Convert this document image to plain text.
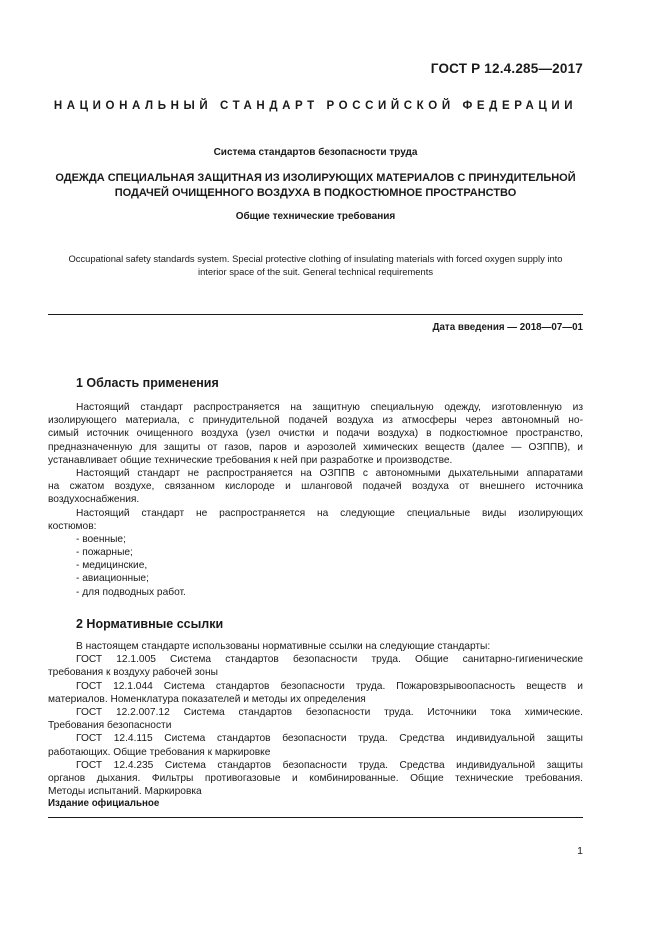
ГОСТ Р 12.4.285—2017
НАЦИОНАЛЬНЫЙ СТАНДАРТ РОССИЙСКОЙ ФЕДЕРАЦИИ
Система стандартов безопасности труда
ОДЕЖДА СПЕЦИАЛЬНАЯ ЗАЩИТНАЯ ИЗ ИЗОЛИРУЮЩИХ МАТЕРИАЛОВ С ПРИНУДИТЕЛЬНОЙ
ПОДАЧЕЙ ОЧИЩЕННОГО ВОЗДУХА В ПОДКОСТЮМНОЕ ПРОСТРАНСТВО
Общие технические требования
Occupational safety standards system. Special protective clothing of insulating materials with forced oxygen supply into
interior space of the suit. General technical requirements
Дата введения — 2018—07—01
1 Область применения
Настоящий стандарт распространяется на защитную специальную одежду, изготовленную из
изолирующего материала, с принудительной подачей воздуха из атмосферы через автономный но-
симый источник очищенного воздуха (узел очистки и подачи воздуха) в подкостюмное пространство,
предназначенную для защиты от газов, паров и аэрозолей химических веществ (далее — ОЗППВ), и
устанавливает общие технические требования к ней при разработке и производстве.
Настоящий стандарт не распространяется на ОЗППВ с автономными дыхательными аппаратами
на сжатом воздухе, связанном кислороде и шланговой подачей воздуха от внешнего источника
воздухоснабжения.
Настоящий стандарт не распространяется на следующие специальные виды изолирующих
костюмов:
- военные;
- пожарные;
- медицинские,
- авиационные;
- для подводных работ.
2 Нормативные ссылки
В настоящем стандарте использованы нормативные ссылки на следующие стандарты:
ГОСТ 12.1.005 Система стандартов безопасности труда. Общие санитарно-гигиенические
требования к воздуху рабочей зоны
ГОСТ 12.1.044 Система стандартов безопасности труда. Пожаровзрывоопасность веществ и
материалов. Номенклатура показателей и методы их определения
ГОСТ 12.2.007.12 Система стандартов безопасности труда. Источники тока химические.
Требования безопасности
ГОСТ 12.4.115 Система стандартов безопасности труда. Средства индивидуальной защиты
работающих. Общие требования к маркировке
ГОСТ 12.4.235 Система стандартов безопасности труда. Средства индивидуальной защиты
органов дыхания. Фильтры противогазовые и комбинированные. Общие технические требования.
Методы испытаний. Маркировка
Издание официальное
1
